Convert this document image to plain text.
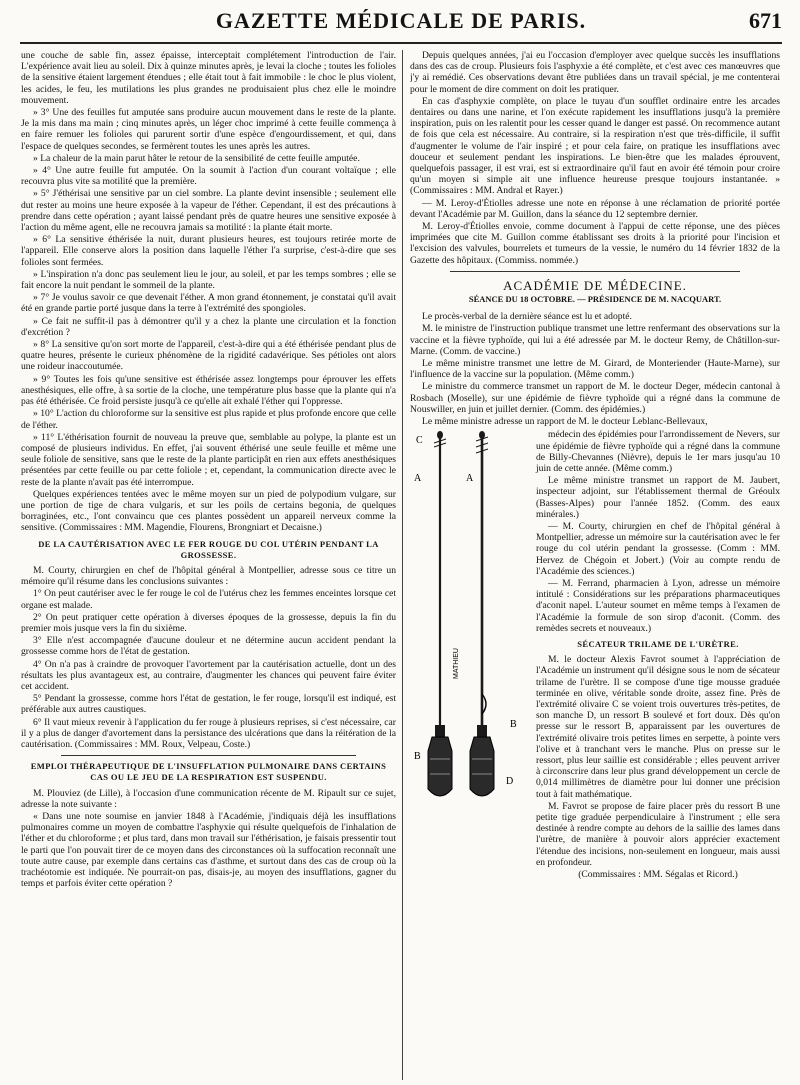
GAZETTE MÉDICALE DE PARIS.	671

une couche de sable fin, assez épaisse, interceptait complétement l'introduction de l'air. L'expérience avait lieu au soleil. Dix à quinze minutes après, je levai la cloche ; toutes les folioles de la sensitive étaient largement étendues ; elle était tout à fait immobile : le choc le plus violent, les acides, le feu, les mutilations les plus grandes ne produisaient plus chez elle le moindre mouvement.

» 3° Une des feuilles fut amputée sans produire aucun mouvement dans le reste de la plante. Je la mis dans ma main ; cinq minutes après, un léger choc imprimé à cette feuille commença à en faire remuer les folioles qui parurent sortir d'une espèce d'engourdissement, et qui, dans l'espace de quelques secondes, se fermèrent toutes les unes après les autres.

» La chaleur de la main parut hâter le retour de la sensibilité de cette feuille amputée.

» 4° Une autre feuille fut amputée. On la soumit à l'action d'un courant voltaïque ; elle recouvra plus vite sa motilité que la première.

» 5° J'éthérisai une sensitive par un ciel sombre. La plante devint insensible ; seulement elle dut rester au moins une heure exposée à la vapeur de l'éther. Cependant, il est des précautions à prendre dans cette opération ; ayant laissé pendant près de quatre heures une sensitive exposée à l'action du même agent, elle ne recouvra jamais sa motilité : la plante était morte.

» 6° La sensitive éthérisée la nuit, durant plusieurs heures, est toujours retirée morte de l'appareil. Elle conserve alors la position dans laquelle l'éther l'a surprise, c'est-à-dire que ses folioles sont fermées.

» L'inspiration n'a donc pas seulement lieu le jour, au soleil, et par les temps sombres ; elle se fait encore la nuit pendant le sommeil de la plante.

» 7° Je voulus savoir ce que devenait l'éther. A mon grand étonnement, je constatai qu'il avait été en grande partie porté jusque dans la terre à l'extrémité des spongioles.

» Ce fait ne suffit-il pas à démontrer qu'il y a chez la plante une circulation et la fonction d'excrétion ?

» 8° La sensitive qu'on sort morte de l'appareil, c'est-à-dire qui a été éthérisée pendant plus de quatre heures, présente le curieux phénomène de la rigidité cadavérique. Ses pétioles ont alors une roideur inaccoutumée.

» 9° Toutes les fois qu'une sensitive est éthérisée assez longtemps pour éprouver les effets anesthésiques, elle offre, à sa sortie de la cloche, une température plus basse que la plante qui n'a pas été éthérisée. Ce froid persiste jusqu'à ce qu'elle ait exhalé l'éther qui l'oppresse.

» 10° L'action du chloroforme sur la sensitive est plus rapide et plus profonde encore que celle de l'éther.

» 11° L'éthérisation fournit de nouveau la preuve que, semblable au polype, la plante est un composé de plusieurs individus. En effet, j'ai souvent éthérisé une seule feuille et même une seule foliole de sensitive, sans que le reste de la plante participât en rien aux effets anesthésiques présentées par cette feuille ou par cette foliole ; et, cependant, la communication directe avec le reste de la plante n'avait pas été interrompue.

Quelques expériences tentées avec le même moyen sur un pied de polypodium vulgare, sur une portion de tige de chara vulgaris, et sur les poils de certains begonia, de quelques borraginées, etc., l'ont convaincu que ces plantes possèdent un appareil nerveux comme la sensitive. (Commissaires : MM. Magendie, Flourens, Brongniart et Decaisne.)

DE LA CAUTÉRISATION AVEC LE FER ROUGE DU COL UTÉRIN PENDANT LA GROSSESSE.

M. Courty, chirurgien en chef de l'hôpital général à Montpellier, adresse sous ce titre un mémoire qu'il résume dans les conclusions suivantes :

1° On peut cautériser avec le fer rouge le col de l'utérus chez les femmes enceintes lorsque cet organe est malade.

2° On peut pratiquer cette opération à diverses époques de la grossesse, depuis la fin du premier mois jusque vers la fin du sixième.

3° Elle n'est accompagnée d'aucune douleur et ne détermine aucun accident pendant la grossesse comme hors de l'état de gestation.

4° On n'a pas à craindre de provoquer l'avortement par la cautérisation actuelle, dont un des résultats les plus avantageux est, au contraire, d'augmenter les chances qui peuvent faire éviter cet accident.

5° Pendant la grossesse, comme hors l'état de gestation, le fer rouge, lorsqu'il est indiqué, est préférable aux autres caustiques.

6° Il vaut mieux revenir à l'application du fer rouge à plusieurs reprises, si c'est nécessaire, car il y a plus de danger d'avortement dans la persistance des ulcérations que dans la réitération de la cautérisation. (Commissaires : MM. Roux, Velpeau, Coste.)

EMPLOI THÉRAPEUTIQUE DE L'INSUFFLATION PULMONAIRE DANS CERTAINS CAS OU LE JEU DE LA RESPIRATION EST SUSPENDU.

M. Plouviez (de Lille), à l'occasion d'une communication récente de M. Ripault sur ce sujet, adresse la note suivante :

« Dans une note soumise en janvier 1848 à l'Académie, j'indiquais déjà les insufflations pulmonaires comme un moyen de combattre l'asphyxie qui résulte quelquefois de l'inhalation de l'éther et du chloroforme ; et plus tard, dans mon travail sur l'éthérisation, je faisais pressentir tout le parti que l'on pouvait tirer de ce moyen dans des circonstances où la suffocation reconnaît une toute autre cause, par exemple dans certains cas d'asthme, et surtout dans des cas de croup où la trachéotomie est indiquée. Ne pourrait-on pas, disais-je, au moyen des insufflations, gagner du temps et parfois éviter cette opération ?

Depuis quelques années, j'ai eu l'occasion d'employer avec quelque succès les insufflations dans des cas de croup. Plusieurs fois l'asphyxie a été complète, et c'est avec ces manœuvres que j'y ai remédié. Ces observations devant être publiées dans un travail spécial, je me contenterai pour le moment de dire comment on doit les pratiquer.

En cas d'asphyxie complète, on place le tuyau d'un soufflet ordinaire entre les arcades dentaires ou dans une narine, et l'on exécute rapidement les insufflations jusqu'à la première inspiration, puis on les ralentit pour les cesser quand le danger est passé. On recommence autant de fois que cela est nécessaire. Au contraire, si la respiration n'est que très-difficile, il suffit d'augmenter le volume de l'air inspiré ; et pour cela faire, on pratique les insufflations avec douceur et seulement pendant les inspirations. Le bien-être que les malades éprouvent, quelquefois passager, il est vrai, est si extraordinaire qu'il faut en avoir été témoin pour croire qu'un moyen si simple ait une influence heureuse presque toujours instantanée. » (Commissaires : MM. Andral et Rayer.)

— M. Leroy-d'Étiolles adresse une note en réponse à une réclamation de priorité portée devant l'Académie par M. Guillon, dans la séance du 12 septembre dernier.

M. Leroy-d'Étiolles envoie, comme document à l'appui de cette réponse, une des pièces imprimées que cite M. Guillon comme établissant ses droits à la priorité pour l'incision et l'excision des valvules, bourrelets et tumeurs de la vessie, le numéro du 14 février 1832 de la Gazette des hôpitaux. (Commiss. nommée.)

ACADÉMIE DE MÉDECINE.
SÉANCE DU 18 OCTOBRE. — PRÉSIDENCE DE M. NACQUART.

Le procès-verbal de la dernière séance est lu et adopté.

M. le ministre de l'instruction publique transmet une lettre renfermant des observations sur la vaccine et la fièvre typhoïde, qui lui a été adressée par M. le docteur Remy, de Châtillon-sur-Marne. (Comm. de vaccine.)

Le même ministre transmet une lettre de M. Girard, de Monteriender (Haute-Marne), sur l'influence de la vaccine sur la population. (Même comm.)

Le ministre du commerce transmet un rapport de M. le docteur Deger, médecin cantonal à Rosbach (Moselle), sur une épidémie de fièvre typhoïde qui a régné dans la commune de Nouswiller, en juin et juillet dernier. (Comm. des épidémies.)

Le même ministre adresse un rapport de M. le docteur Leblanc-Bellevaux,

C
A	A
B
B
D
MATHIEU

médecin des épidémies pour l'arrondissement de Nevers, sur une épidémie de fièvre typhoïde qui a régné dans la commune de Billy-Chevannes (Nièvre), depuis le 1er mars jusqu'au 10 juin de cette année. (Même comm.)

Le même ministre transmet un rapport de M. Jaubert, inspecteur adjoint, sur l'établissement thermal de Gréoulx (Basses-Alpes) pour l'année 1852. (Comm. des eaux minérales.)

— M. Courty, chirurgien en chef de l'hôpital général à Montpellier, adresse un mémoire sur la cautérisation avec le fer rouge du col utérin pendant la grossesse. (Comm : MM. Hervez de Chégoin et Jobert.) (Voir au compte rendu de l'Académie des sciences.)

— M. Ferrand, pharmacien à Lyon, adresse un mémoire intitulé : Considérations sur les préparations pharmaceutiques d'aconit napel. L'auteur soumet en même temps à l'examen de l'Académie la formule de son sirop d'aconit. (Comm. des remèdes secrets et nouveaux.)

SÉCATEUR TRILAME DE L'URÈTRE.

M. le docteur Alexis Favrot soumet à l'appréciation de l'Académie un instrument qu'il désigne sous le nom de sécateur trilame de l'urètre. Il se compose d'une tige mousse graduée terminée en olive, véritable sonde droite, assez fine. Près de l'extrémité olivaire C se voient trois ouvertures très-petites, de son manche D, un ressort B soulevé et fort doux. Dès qu'on presse sur le ressort B, apparaissent par les ouvertures de l'extrémité olivaire trois petites limes en serpette, à pointe vers l'olive et à tranchant vers le manche. Plus on presse sur le ressort, plus leur saillie est considérable ; elles peuvent arriver à circonscrire dans leur plus grand développement un cercle de 0,014 millimètres de diamètre pour lui donner une précision tout à fait mathématique.

M. Favrot se propose de faire placer près du ressort B une petite tige graduée perpendiculaire à l'instrument ; elle sera destinée à rendre compte au dehors de la saillie des lames dans l'urètre, de manière à pouvoir alors apprécier exactement l'étendue des incisions, non-seulement en longueur, mais aussi en profondeur.

(Commissaires : MM. Ségalas et Ricord.)
